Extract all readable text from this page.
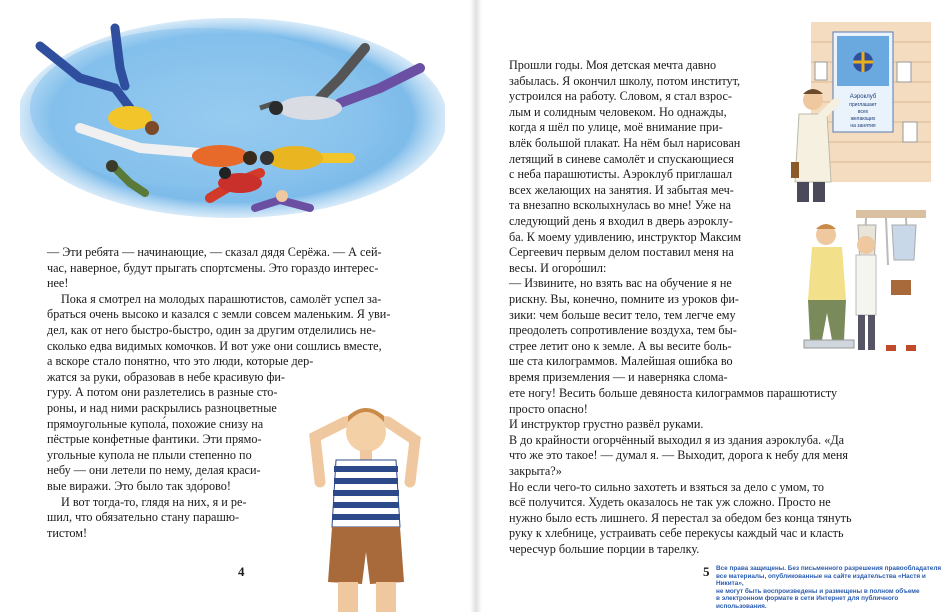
— Эти ребята — начинающие, — сказал дядя Серёжа. — А сей-

час, наверное, будут прыгать спортсмены. Это гораздо интерес-

нее!

Пока я смотрел на молодых парашютистов, самолёт успел за-

браться очень высоко и казался с земли совсем маленьким. Я уви-

дел, как от него быстро-быстро, один за другим отделились не-

сколько едва видимых комочков. И вот уже они сошлись вместе,

а вскоре стало понятно, что это люди, которые дер-

жатся за руки, образовав в небе красивую фи-

гуру. А потом они разлетелись в разные сто-

роны, и над ними раскрылись разноцветные

прямоугольные купола́, похожие снизу на

пёстрые конфетные фантики. Эти прямо-

угольные купола не плыли степенно по

небу — они летели по нему, делая краси-

вые виражи. Это было так здо́рово!

И вот тогда-то, глядя на них, я и ре-

шил, что обязательно стану парашю-

тистом!

4
Аэроклуб
приглашает
всех
желающих
на занятия
5

Прошли годы. Моя детская мечта давно

забылась. Я окончил школу, потом институт,

устроился на работу. Словом, я стал взрос-

лым и солидным человеком. Но однажды,

когда я шёл по улице, моё внимание при-

влёк большой плакат. На нём был нарисован

летящий в синеве самолёт и спускающиеся

с неба парашютисты. Аэроклуб приглашал

всех желающих на занятия. И забытая меч-

та внезапно всколыхнулась во мне! Уже на

следующий день я входил в дверь аэроклу-

ба. К моему удивлению, инструктор Максим

Сергеевич первым делом поставил меня на

весы. И огоро́шил:

— Извините, но взять вас на обучение я не

рискну. Вы, конечно, помните из уроков фи-

зики: чем больше весит тело, тем легче ему

преодолеть сопротивление воздуха, тем бы-

стрее летит оно к земле. А вы весите боль-

ше ста килограммов. Малейшая ошибка во

время приземления — и наверняка слома-

ете ногу! Весить больше девяноста килограммов парашютисту

просто опасно!

И инструктор грустно развёл руками.

В до крайности огорчённый выходил я из здания аэроклуба. «Да

что же это такое! — думал я. — Выходит, дорога к небу для меня

закрыта?»

Но если чего-то сильно захотеть и взяться за дело с умом, то

всё получится. Худеть оказалось не так уж сложно. Просто не

нужно было есть лишнего. Я перестал за обедом без конца тянуть

руку к хлебнице, устраивать себе перекусы каждый час и класть

чересчур большие порции в тарелку.

Все права защищены. Без письменного разрешения правообладателя
все материалы, опубликованные на сайте издательства «Настя и Никита»,
не могут быть воспроизведены и размещены в полном объеме
в электронном формате в сети Интернет для публичного использования.
